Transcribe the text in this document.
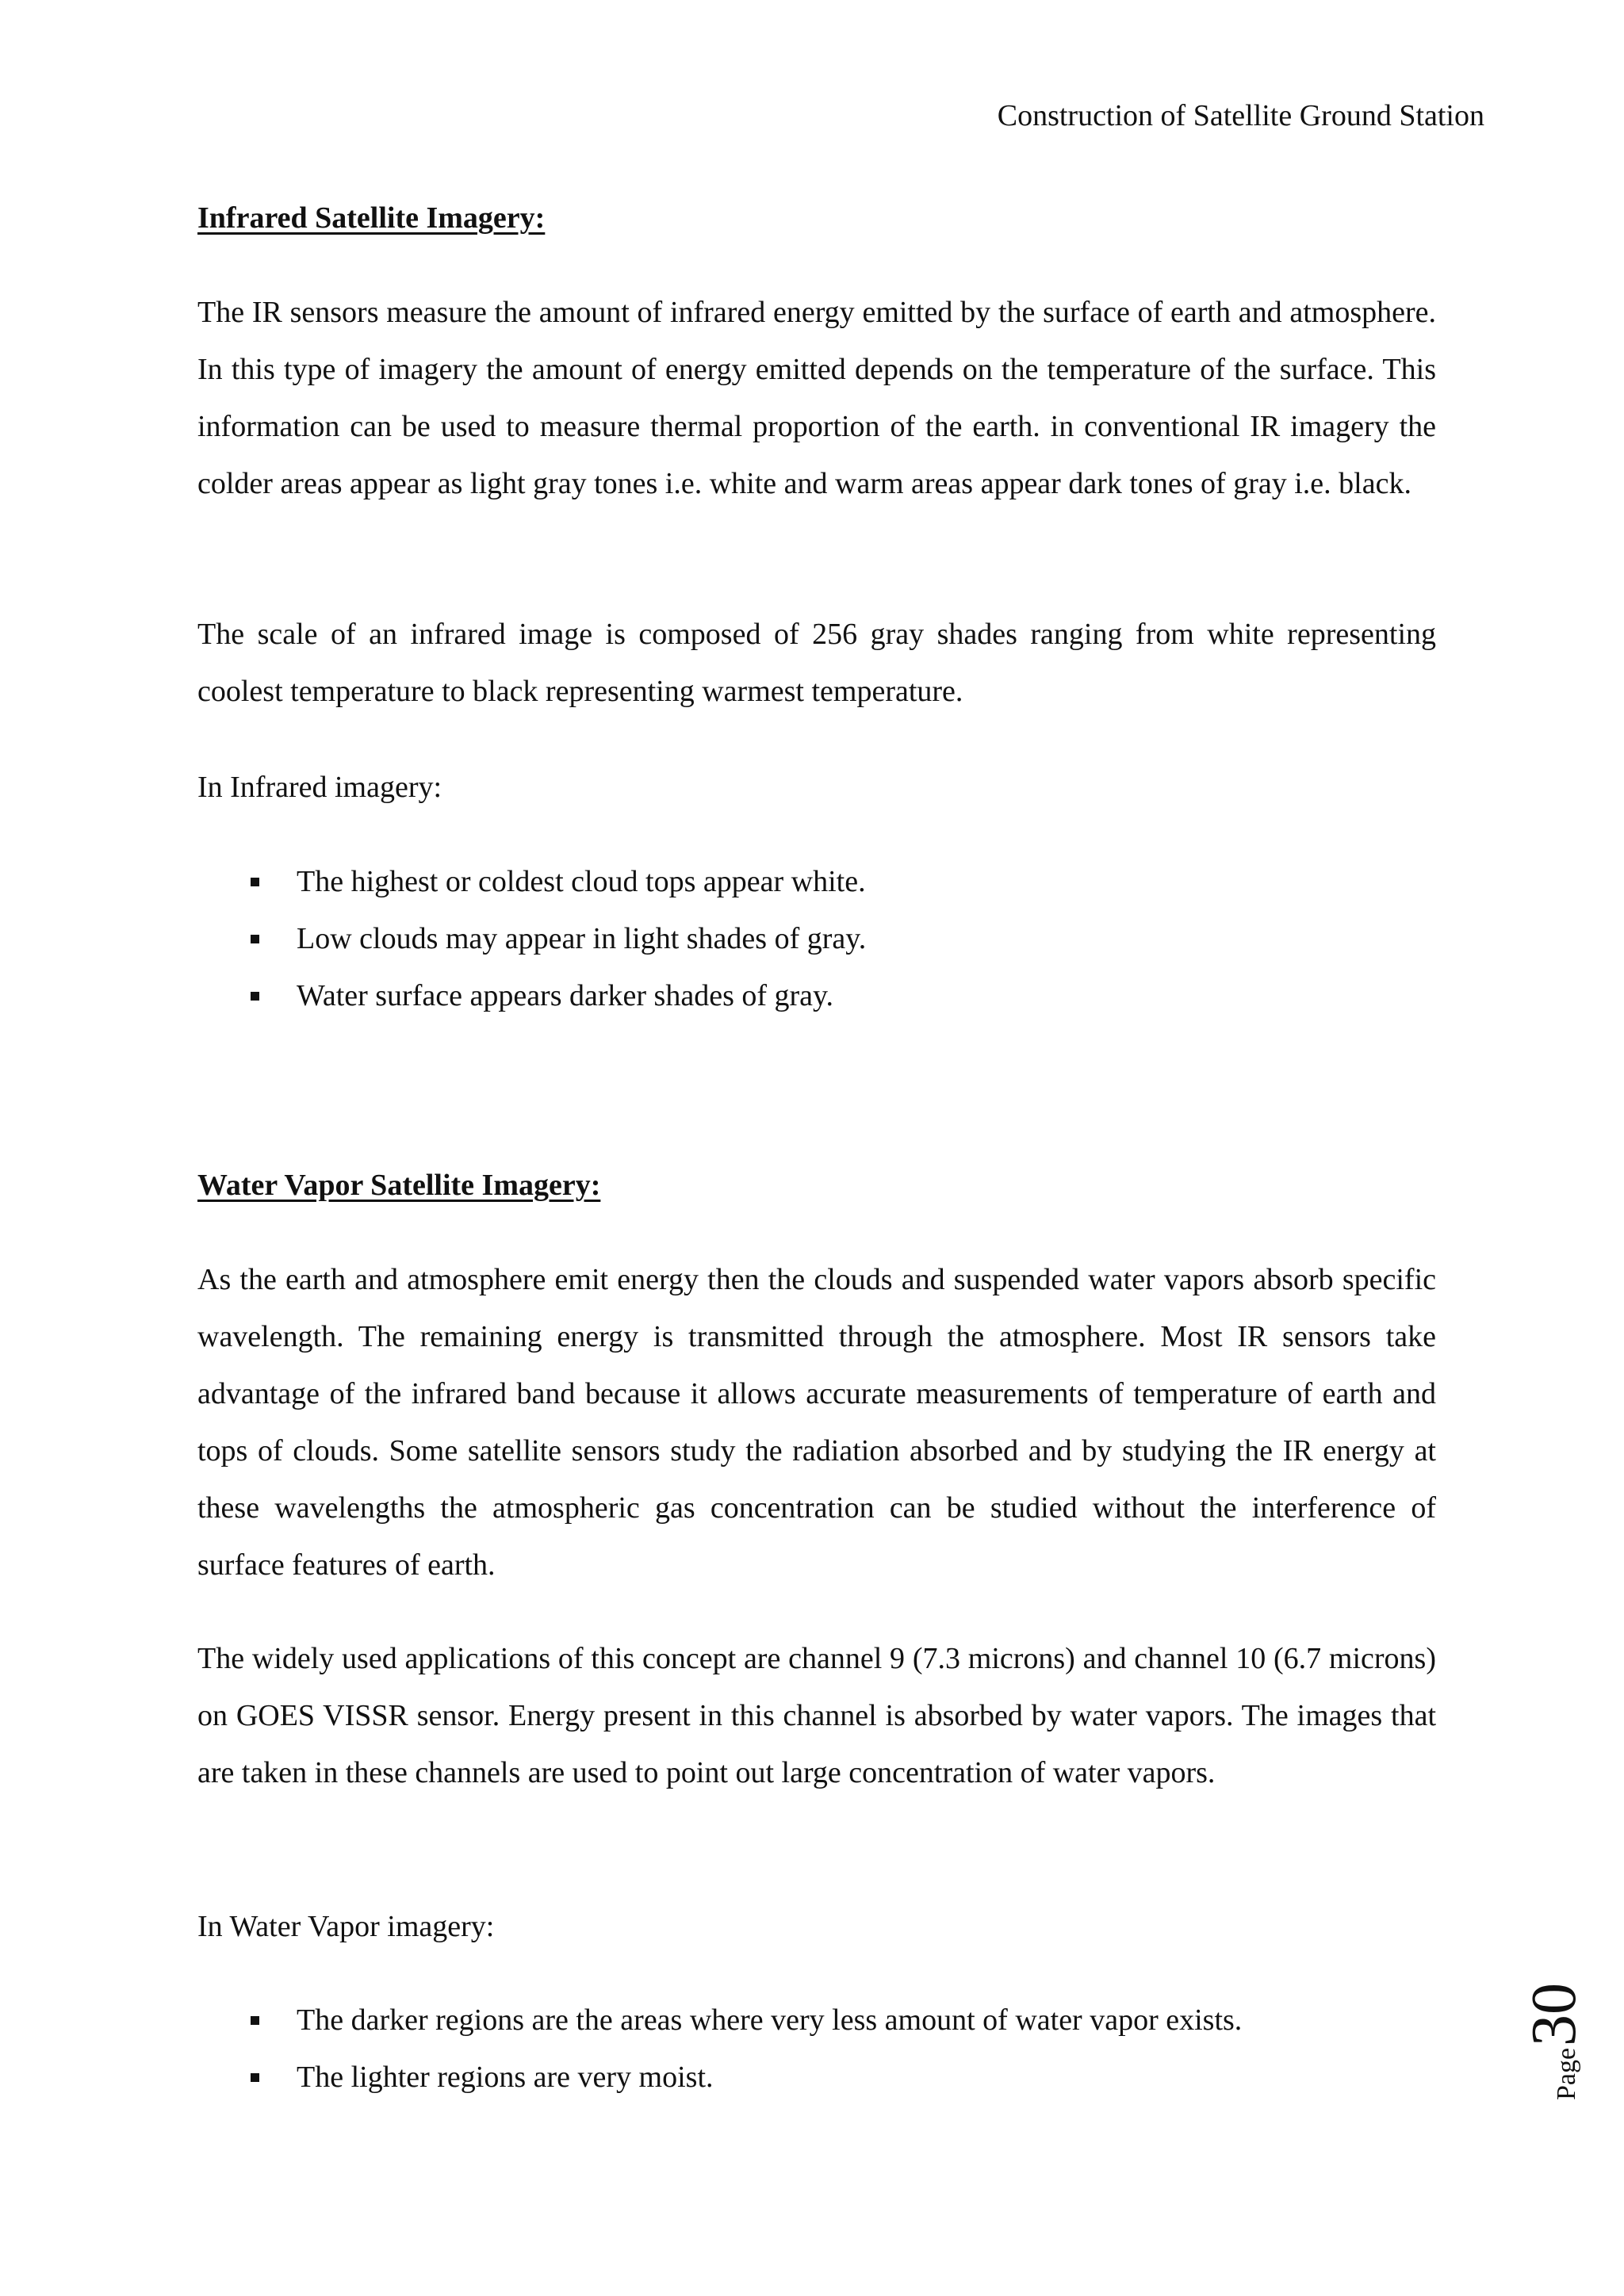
Construction of Satellite Ground Station
Infrared Satellite Imagery:
The IR sensors measure the amount of infrared energy emitted by the surface of earth and atmosphere. In this type of imagery the amount of energy emitted depends on the temperature of the surface. This information can be used to measure thermal proportion of the earth. in conventional IR imagery the colder areas appear as light gray tones i.e. white and warm areas appear dark tones of gray i.e. black.
The scale of an infrared image is composed of 256 gray shades ranging from white representing coolest temperature to black representing warmest temperature.
In Infrared imagery:
The highest or coldest cloud tops appear white.
Low clouds may appear in light shades of gray.
Water surface appears darker shades of gray.
Water Vapor Satellite Imagery:
As the earth and atmosphere emit energy then the clouds and suspended water vapors absorb specific wavelength. The remaining energy is transmitted through the atmosphere. Most IR sensors take advantage of the infrared band because it allows accurate measurements of temperature of earth and tops of clouds. Some satellite sensors study the radiation absorbed and by studying the IR energy at these wavelengths the atmospheric gas concentration can be studied without the interference of surface features of earth.
The widely used applications of this concept are channel 9 (7.3 microns) and channel 10 (6.7 microns) on GOES VISSR sensor. Energy present in this channel is absorbed by water vapors. The images that are taken in these channels are used to point out large concentration of water vapors.
In Water Vapor imagery:
The darker regions are the areas where very less amount of water vapor exists.
The lighter regions are very moist.	Page
30
